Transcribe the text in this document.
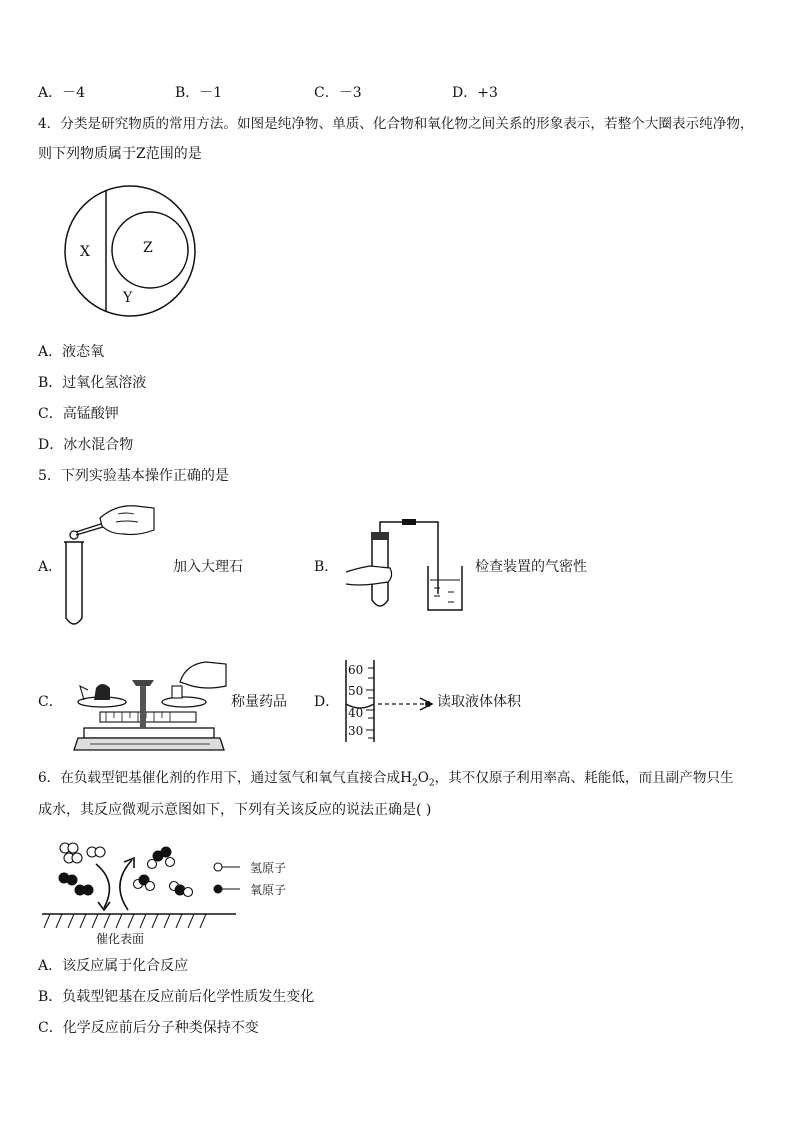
A．－4	B．－1	C．－3	D．+3
4．分类是研究物质的常用方法。如图是纯净物、单质、化合物和氧化物之间关系的形象表示，若整个大圈表示纯净物，
则下列物质属于Z范围的是
X	Z
Y
A．液态氧
B．过氧化氢溶液
C．高锰酸钾
D．冰水混合物
5．下列实验基本操作正确的是
A．	加入大理石	B．	检查装置的气密性
C．	称量药品 D．
60
50
40
30
读取液体体积
6．在负载型钯基催化剂的作用下，通过氢气和氧气直接合成$H_2O_2$，其不仅原子利用率高、耗能低，而且副产物只生
成水，其反应微观示意图如下，下列有关该反应的说法正确是( )
氢原子
氧原子
催化表面
A．该反应属于化合反应
B．负载型钯基在反应前后化学性质发生变化
C．化学反应前后分子种类保持不变
